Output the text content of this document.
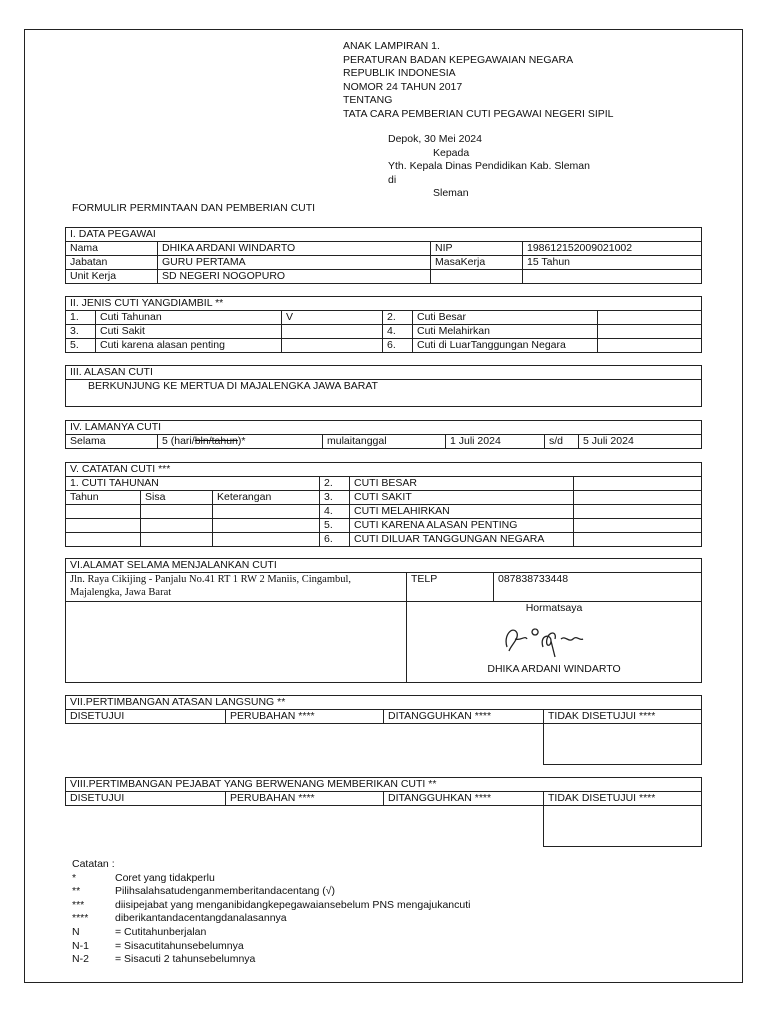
ANAK LAMPIRAN 1.
PERATURAN BADAN KEPEGAWAIAN NEGARA
REPUBLIK INDONESIA
NOMOR 24 TAHUN 2017
TENTANG
TATA CARA PEMBERIAN CUTI PEGAWAI NEGERI SIPIL
Depok, 30 Mei 2024
Kepada
Yth. Kepala Dinas Pendidikan Kab. Sleman
di
Sleman
FORMULIR PERMINTAAN DAN PEMBERIAN CUTI
I. DATA PEGAWAI			
Nama	DHIKA ARDANI WINDARTO	NIP	198612152009021002
Jabatan	GURU PERTAMA	MasaKerja	15 Tahun
Unit Kerja	SD NEGERI NOGOPURO		
II. JENIS CUTI YANGDIAMBIL **					
1.	Cuti Tahunan	V	2.	Cuti Besar	
3.	Cuti Sakit		4.	Cuti Melahirkan	
5.	Cuti karena alasan penting		6.	Cuti di LuarTanggungan Negara	
III. ALASAN CUTI
BERKUNJUNG KE MERTUA DI MAJALENGKA JAWA BARAT
IV. LAMANYA CUTI
Selama	5 (hari/bln/tahun)*	mulaitanggal	1 Juli 2024	s/d	5 Juli 2024
V. CATATAN CUTI ***					
1. CUTI TAHUNAN			2.	CUTI BESAR	
Tahun	Sisa	Keterangan	3.	CUTI SAKIT	
			4.	CUTI MELAHIRKAN	
			5.	CUTI KARENA ALASAN PENTING	
			6.	CUTI DILUAR TANGGUNGAN NEGARA	
VI.ALAMAT SELAMA MENJALANKAN CUTI		
Jln. Raya Cikijing - Panjalu No.41 RT 1 RW 2 Maniis, Cingambul, Majalengka, Jawa Barat	TELP	087838733448

	Hormatsaya
DHIKA ARDANI WINDARTO	
VII.PERTIMBANGAN ATASAN LANGSUNG **			
DISETUJUI	PERUBAHAN ****	DITANGGUHKAN ****	TIDAK DISETUJUI ****

VIII.PERTIMBANGAN PEJABAT YANG BERWENANG MEMBERIKAN CUTI **			
DISETUJUI	PERUBAHAN ****	DITANGGUHKAN ****	TIDAK DISETUJUI ****

Catatan :
*	Coret yang tidakperlu
**	Pilihsalahsatudenganmemberitandacentang (√)
***	diisipejabat yang menganibidangkepegawaiansebelum PNS mengajukancuti
****	diberikantandacentangdanalasannya
N	= Cutitahunberjalan
N-1	= Sisacutitahunsebelumnya
N-2	= Sisacuti 2 tahunsebelumnya
